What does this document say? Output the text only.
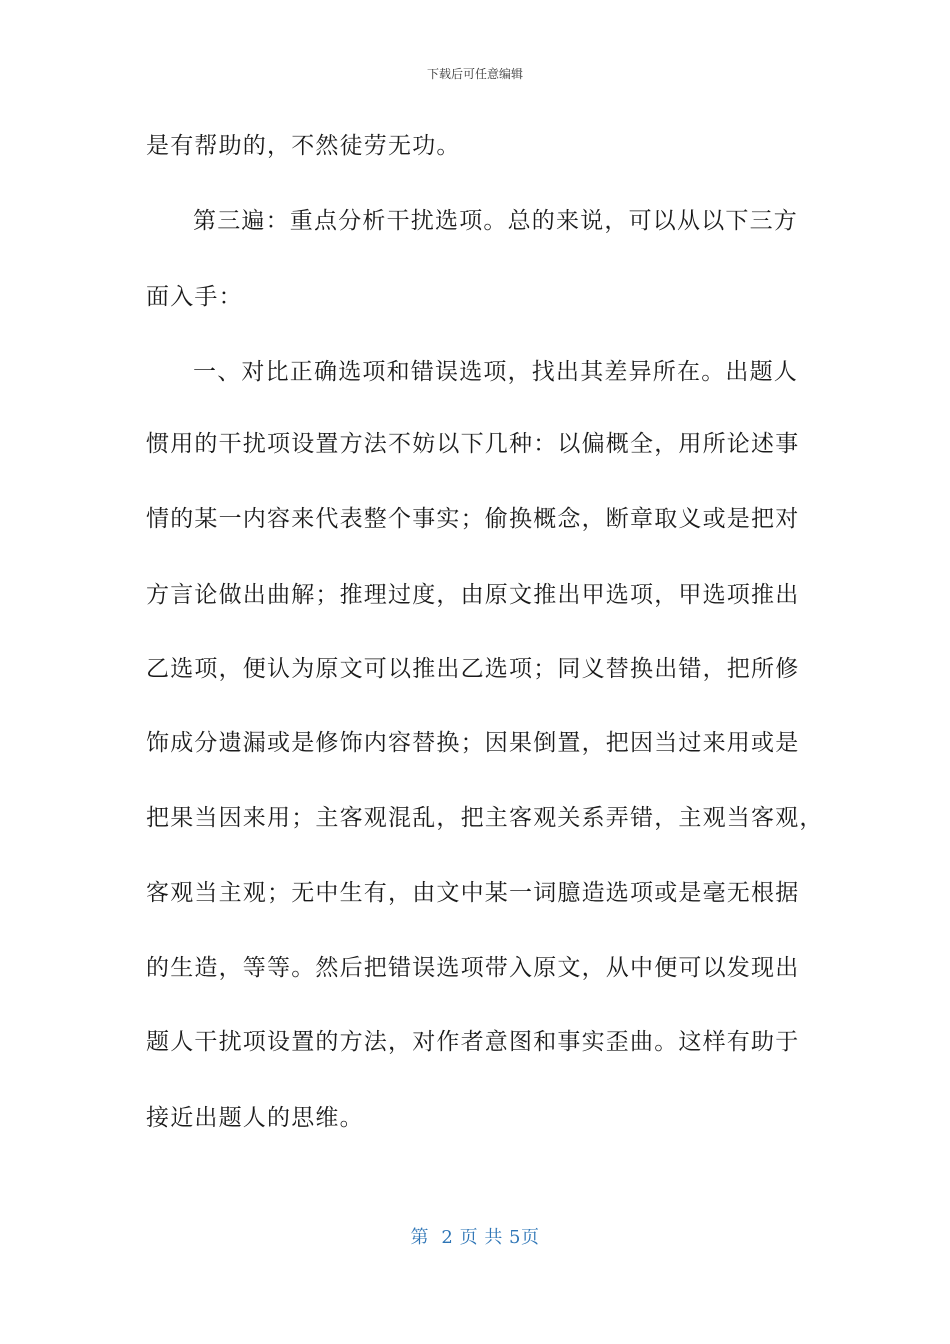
下载后可任意编辑
是有帮助的，不然徒劳无功。
第三遍：重点分析干扰选项。总的来说，可以从以下三方
面入手：
一、对比正确选项和错误选项，找出其差异所在。出题人
惯用的干扰项设置方法不妨以下几种：以偏概全，用所论述事
情的某一内容来代表整个事实；偷换概念，断章取义或是把对
方言论做出曲解；推理过度，由原文推出甲选项，甲选项推出
乙选项，便认为原文可以推出乙选项；同义替换出错，把所修
饰成分遗漏或是修饰内容替换；因果倒置，把因当过来用或是
把果当因来用；主客观混乱，把主客观关系弄错，主观当客观，
客观当主观；无中生有，由文中某一词臆造选项或是毫无根据
的生造，等等。然后把错误选项带入原文，从中便可以发现出
题人干扰项设置的方法，对作者意图和事实歪曲。这样有助于
接近出题人的思维。
第  2 页 共 5页
